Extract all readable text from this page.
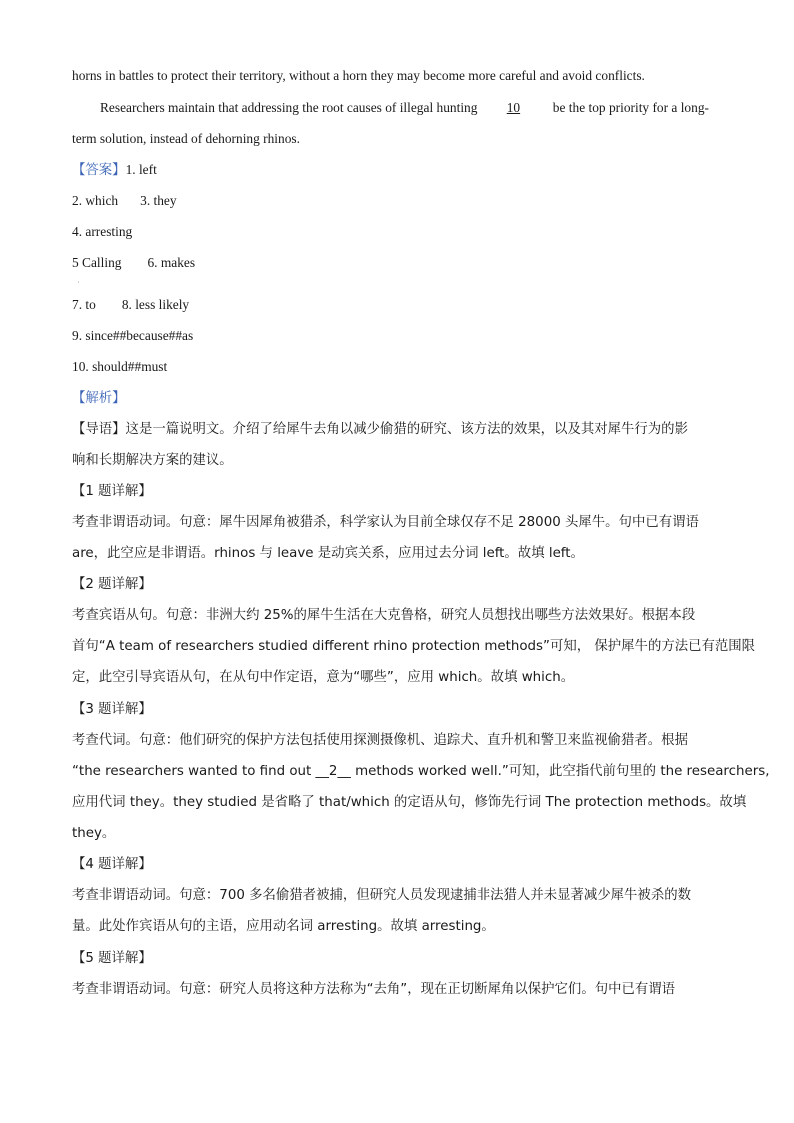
horns in battles to protect their territory, without a horn they may become more careful and avoid conflicts.
Researchers maintain that addressing the root causes of illegal hunting 10 be the top priority for a long-
term solution, instead of dehorning rhinos.
【答案】1. left
2. which 3. they
4. arresting
5 Calling 6. makes
·
7. to 8. less likely
9. since##because##as
10. should##must
【解析】
【导语】这是一篇说明文。介绍了给犀牛去角以减少偷猎的研究、该方法的效果，以及其对犀牛行为的影
响和长期解决方案的建议。
【1 题详解】
考查非谓语动词。句意：犀牛因犀角被猎杀，科学家认为目前全球仅存不足 28000 头犀牛。句中已有谓语
are，此空应是非谓语。rhinos 与 leave 是动宾关系，应用过去分词 left。故填 left。
【2 题详解】
考查宾语从句。句意：非洲大约 25%的犀牛生活在大克鲁格，研究人员想找出哪些方法效果好。根据本段
首句“A team of researchers studied different rhino protection methods”可知， 保护犀牛的方法已有范围限
定，此空引导宾语从句，在从句中作定语，意为“哪些”，应用 which。故填 which。
【3 题详解】
考查代词。句意：他们研究的保护方法包括使用探测摄像机、追踪犬、直升机和警卫来监视偷猎者。根据
“the researchers wanted to find out __2__ methods worked well.”可知，此空指代前句里的 the researchers,
应用代词 they。they studied 是省略了 that/which 的定语从句，修饰先行词 The protection methods。故填
they。
【4 题详解】
考查非谓语动词。句意：700 多名偷猎者被捕，但研究人员发现逮捕非法猎人并未显著减少犀牛被杀的数
量。此处作宾语从句的主语，应用动名词 arresting。故填 arresting。
【5 题详解】
考查非谓语动词。句意：研究人员将这种方法称为“去角”，现在正切断犀角以保护它们。句中已有谓语
